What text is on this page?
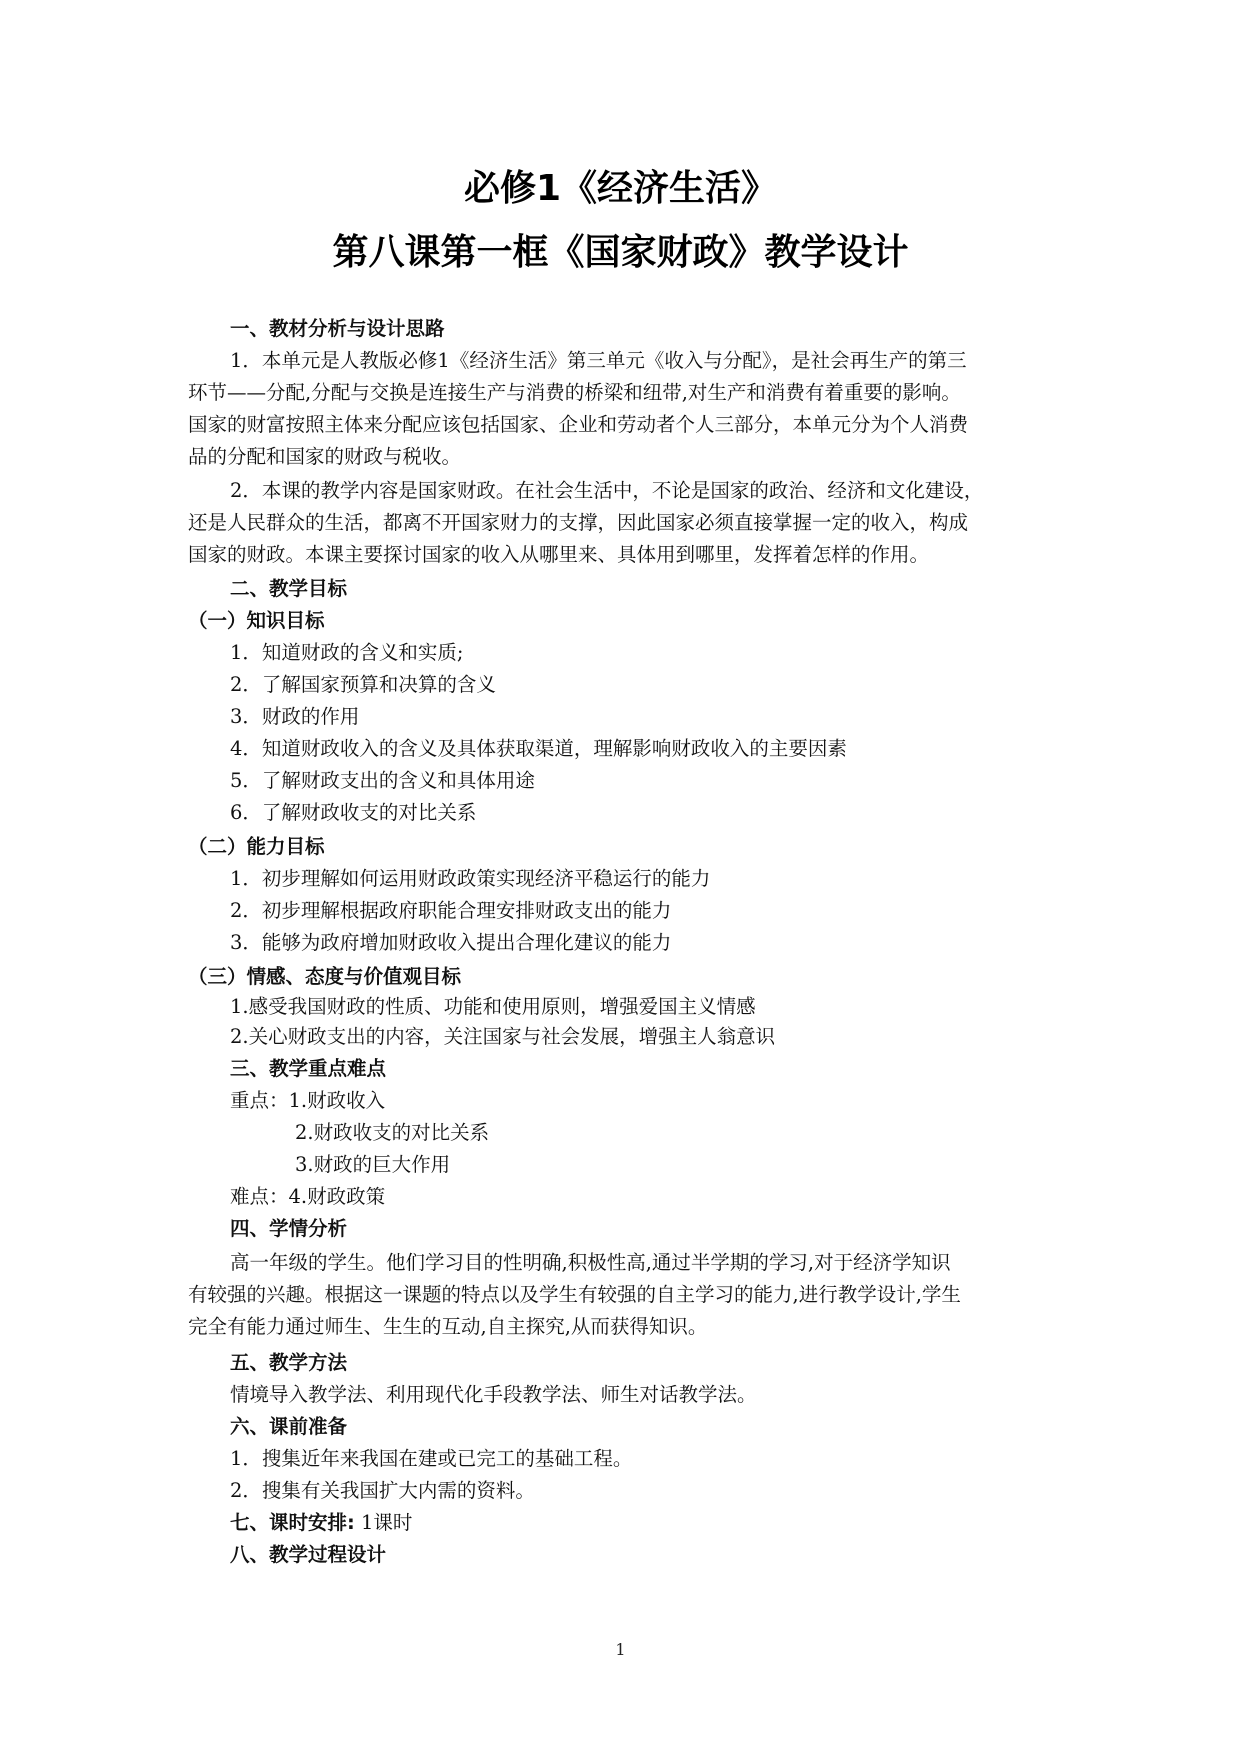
必修1《经济生活》
第八课第一框《国家财政》教学设计
一、教材分析与设计思路
1．本单元是人教版必修1《经济生活》第三单元《收入与分配》，是社会再生产的第三
环节——分配,分配与交换是连接生产与消费的桥梁和纽带,对生产和消费有着重要的影响。
国家的财富按照主体来分配应该包括国家、企业和劳动者个人三部分，本单元分为个人消费
品的分配和国家的财政与税收。
2．本课的教学内容是国家财政。在社会生活中，不论是国家的政治、经济和文化建设，
还是人民群众的生活，都离不开国家财力的支撑，因此国家必须直接掌握一定的收入，构成
国家的财政。本课主要探讨国家的收入从哪里来、具体用到哪里，发挥着怎样的作用。
二、教学目标
（一）知识目标
1．知道财政的含义和实质;
2．了解国家预算和决算的含义
3．财政的作用
4．知道财政收入的含义及具体获取渠道，理解影响财政收入的主要因素
5．了解财政支出的含义和具体用途
6．了解财政收支的对比关系
（二）能力目标
1．初步理解如何运用财政政策实现经济平稳运行的能力
2．初步理解根据政府职能合理安排财政支出的能力
3．能够为政府增加财政收入提出合理化建议的能力
（三）情感、态度与价值观目标
1.感受我国财政的性质、功能和使用原则，增强爱国主义情感
2.关心财政支出的内容，关注国家与社会发展，增强主人翁意识
三、教学重点难点
重点：1.财政收入
2.财政收支的对比关系
3.财政的巨大作用
难点：4.财政政策
四、学情分析
高一年级的学生。他们学习目的性明确,积极性高,通过半学期的学习,对于经济学知识
有较强的兴趣。根据这一课题的特点以及学生有较强的自主学习的能力,进行教学设计,学生
完全有能力通过师生、生生的互动,自主探究,从而获得知识。
五、教学方法
情境导入教学法、利用现代化手段教学法、师生对话教学法。
六、课前准备
1．搜集近年来我国在建或已完工的基础工程。
2．搜集有关我国扩大内需的资料。
七、课时安排: 1课时
八、教学过程设计
1
